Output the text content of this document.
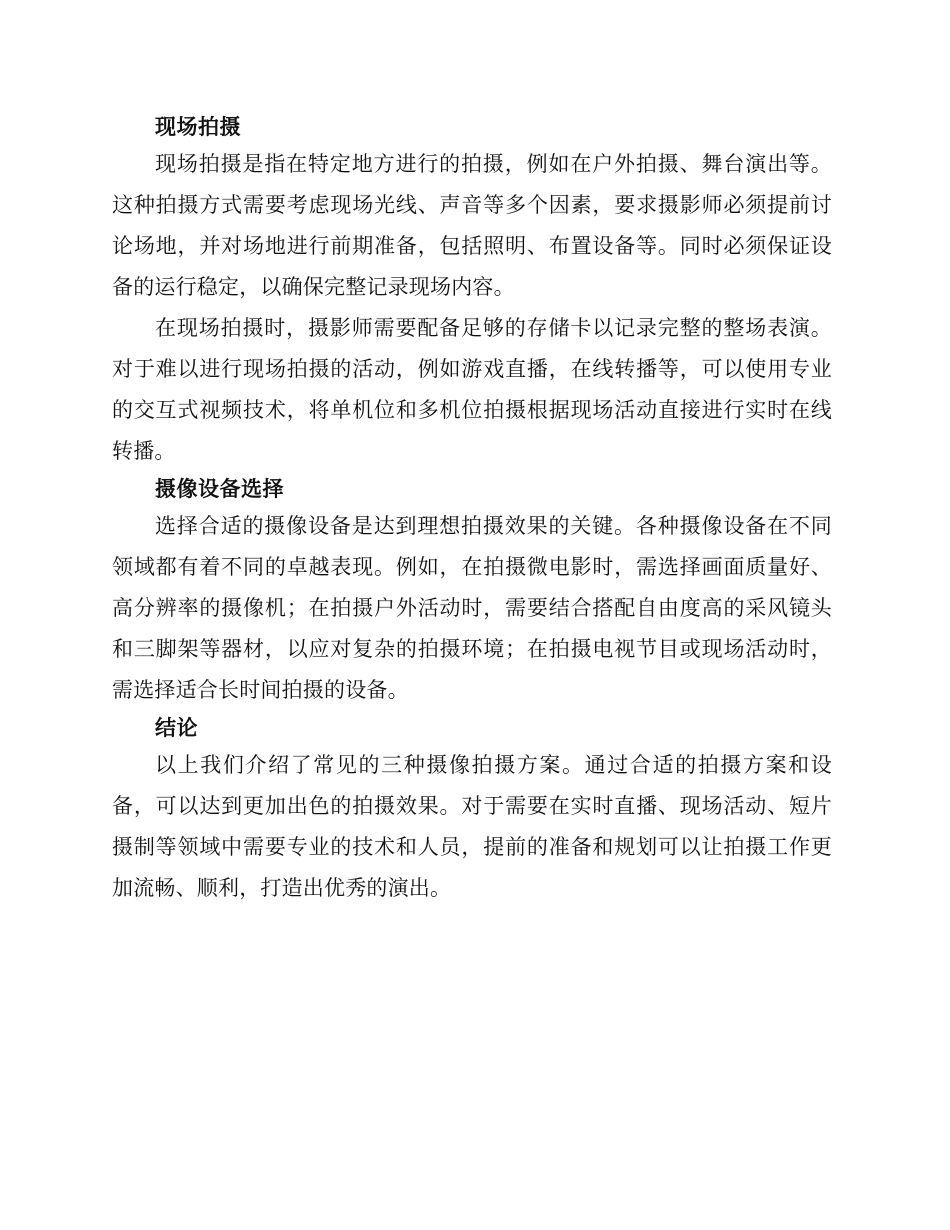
现场拍摄

现场拍摄是指在特定地方进行的拍摄，例如在户外拍摄、舞台演出等。这种拍摄方式需要考虑现场光线、声音等多个因素，要求摄影师必须提前讨论场地，并对场地进行前期准备，包括照明、布置设备等。同时必须保证设备的运行稳定，以确保完整记录现场内容。

在现场拍摄时，摄影师需要配备足够的存储卡以记录完整的整场表演。对于难以进行现场拍摄的活动，例如游戏直播，在线转播等，可以使用专业的交互式视频技术，将单机位和多机位拍摄根据现场活动直接进行实时在线转播。

摄像设备选择

选择合适的摄像设备是达到理想拍摄效果的关键。各种摄像设备在不同领域都有着不同的卓越表现。例如，在拍摄微电影时，需选择画面质量好、高分辨率的摄像机；在拍摄户外活动时，需要结合搭配自由度高的采风镜头和三脚架等器材，以应对复杂的拍摄环境；在拍摄电视节目或现场活动时，需选择适合长时间拍摄的设备。

结论

以上我们介绍了常见的三种摄像拍摄方案。通过合适的拍摄方案和设备，可以达到更加出色的拍摄效果。对于需要在实时直播、现场活动、短片摄制等领域中需要专业的技术和人员，提前的准备和规划可以让拍摄工作更加流畅、顺利，打造出优秀的演出。
